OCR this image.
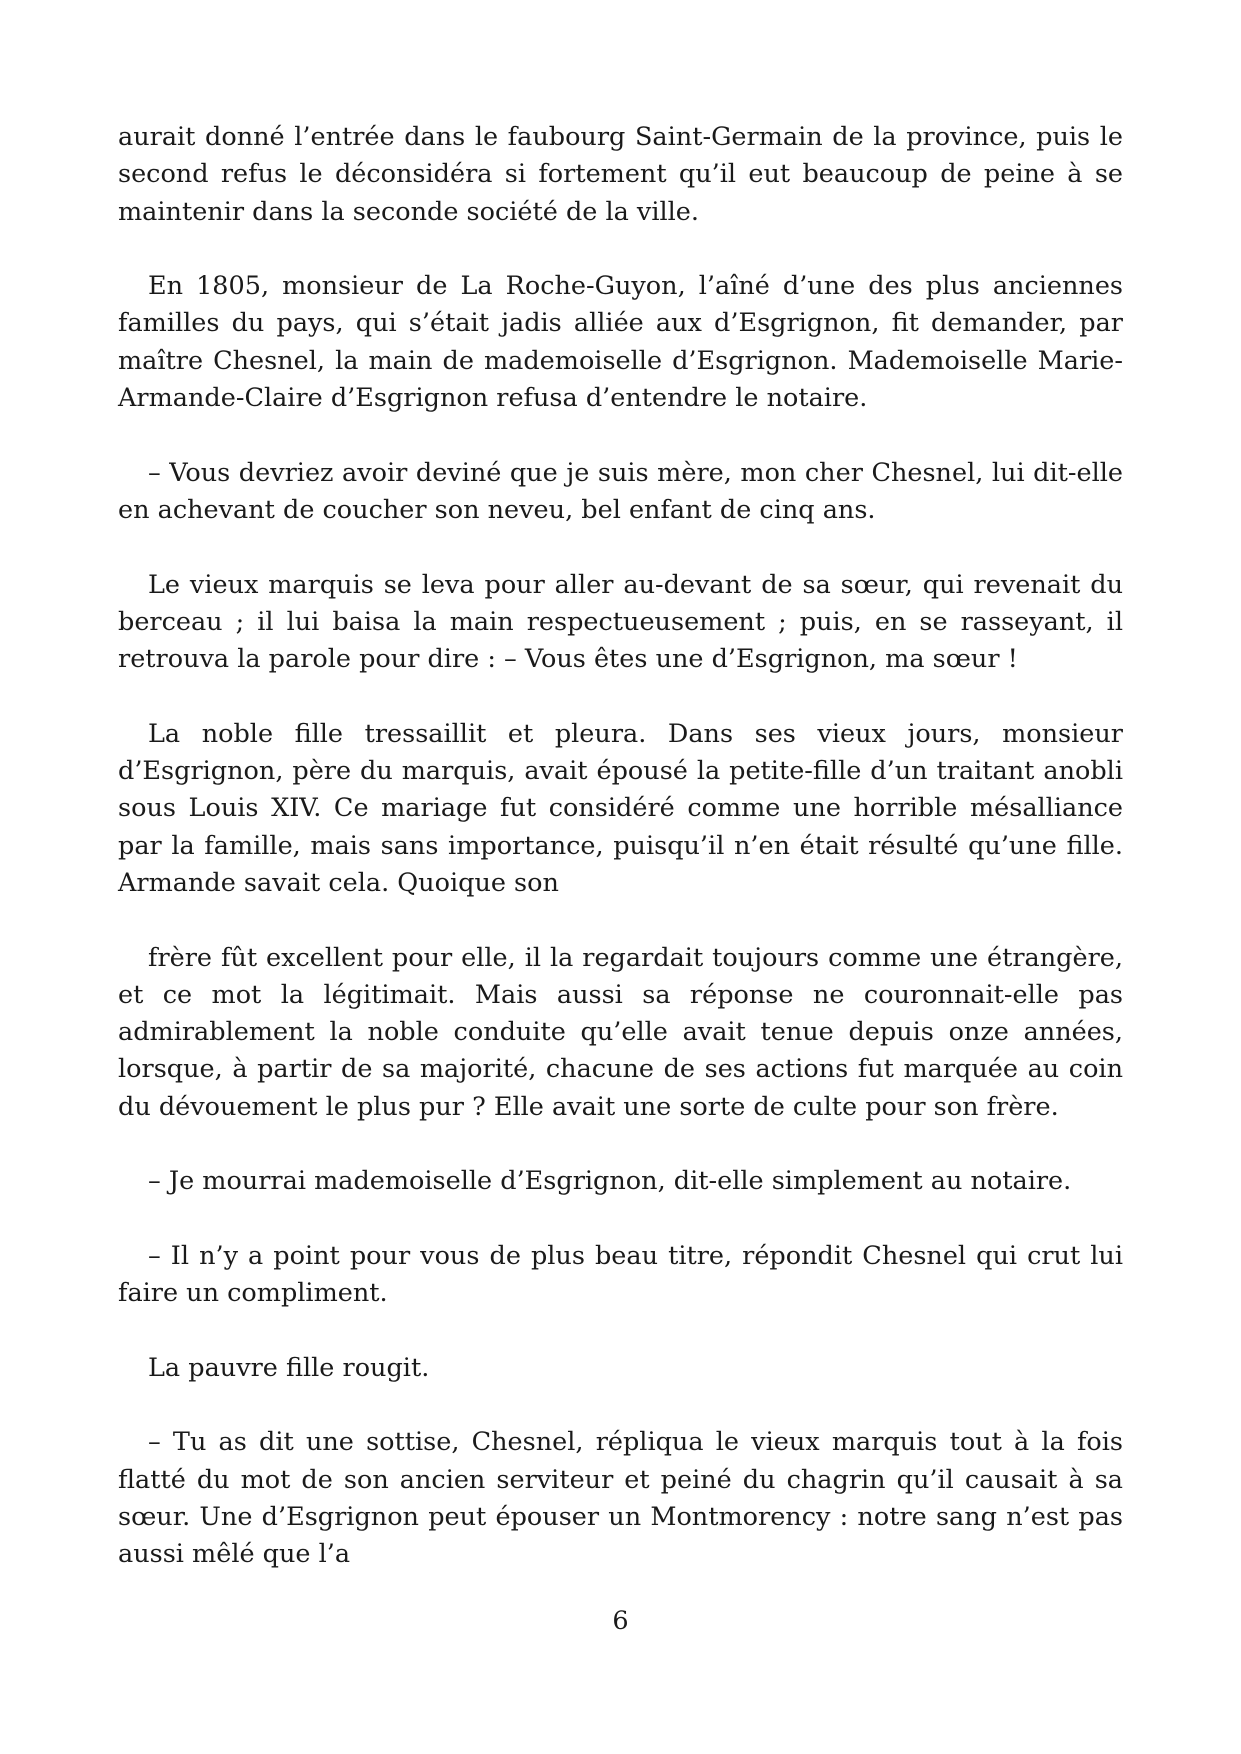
aurait donné l’entrée dans le faubourg Saint-Germain de la province, puis le second refus le déconsidéra si fortement qu’il eut beaucoup de peine à se maintenir dans la seconde société de la ville.

En 1805, monsieur de La Roche-Guyon, l’aîné d’une des plus anciennes familles du pays, qui s’était jadis alliée aux d’Esgrignon, fit demander, par maître Chesnel, la main de mademoiselle d’Esgrignon. Mademoiselle Marie-Armande-Claire d’Esgrignon refusa d’entendre le notaire.

– Vous devriez avoir deviné que je suis mère, mon cher Chesnel, lui dit-elle en achevant de coucher son neveu, bel enfant de cinq ans.

Le vieux marquis se leva pour aller au-devant de sa sœur, qui revenait du berceau ; il lui baisa la main respectueusement ; puis, en se rasseyant, il retrouva la parole pour dire : – Vous êtes une d’Esgrignon, ma sœur !

La noble fille tressaillit et pleura. Dans ses vieux jours, monsieur d’Esgrignon, père du marquis, avait épousé la petite-fille d’un traitant anobli sous Louis XIV. Ce mariage fut considéré comme une horrible mésalliance par la famille, mais sans importance, puisqu’il n’en était résulté qu’une fille. Armande savait cela. Quoique son

frère fût excellent pour elle, il la regardait toujours comme une étrangère, et ce mot la légitimait. Mais aussi sa réponse ne couronnait-elle pas admirablement la noble conduite qu’elle avait tenue depuis onze années, lorsque, à partir de sa majorité, chacune de ses actions fut marquée au coin du dévouement le plus pur ? Elle avait une sorte de culte pour son frère.

– Je mourrai mademoiselle d’Esgrignon, dit-elle simplement au notaire.

– Il n’y a point pour vous de plus beau titre, répondit Chesnel qui crut lui faire un compliment.

La pauvre fille rougit.

– Tu as dit une sottise, Chesnel, répliqua le vieux marquis tout à la fois flatté du mot de son ancien serviteur et peiné du chagrin qu’il causait à sa sœur. Une d’Esgrignon peut épouser un Montmorency : notre sang n’est pas aussi mêlé que l’a

6
